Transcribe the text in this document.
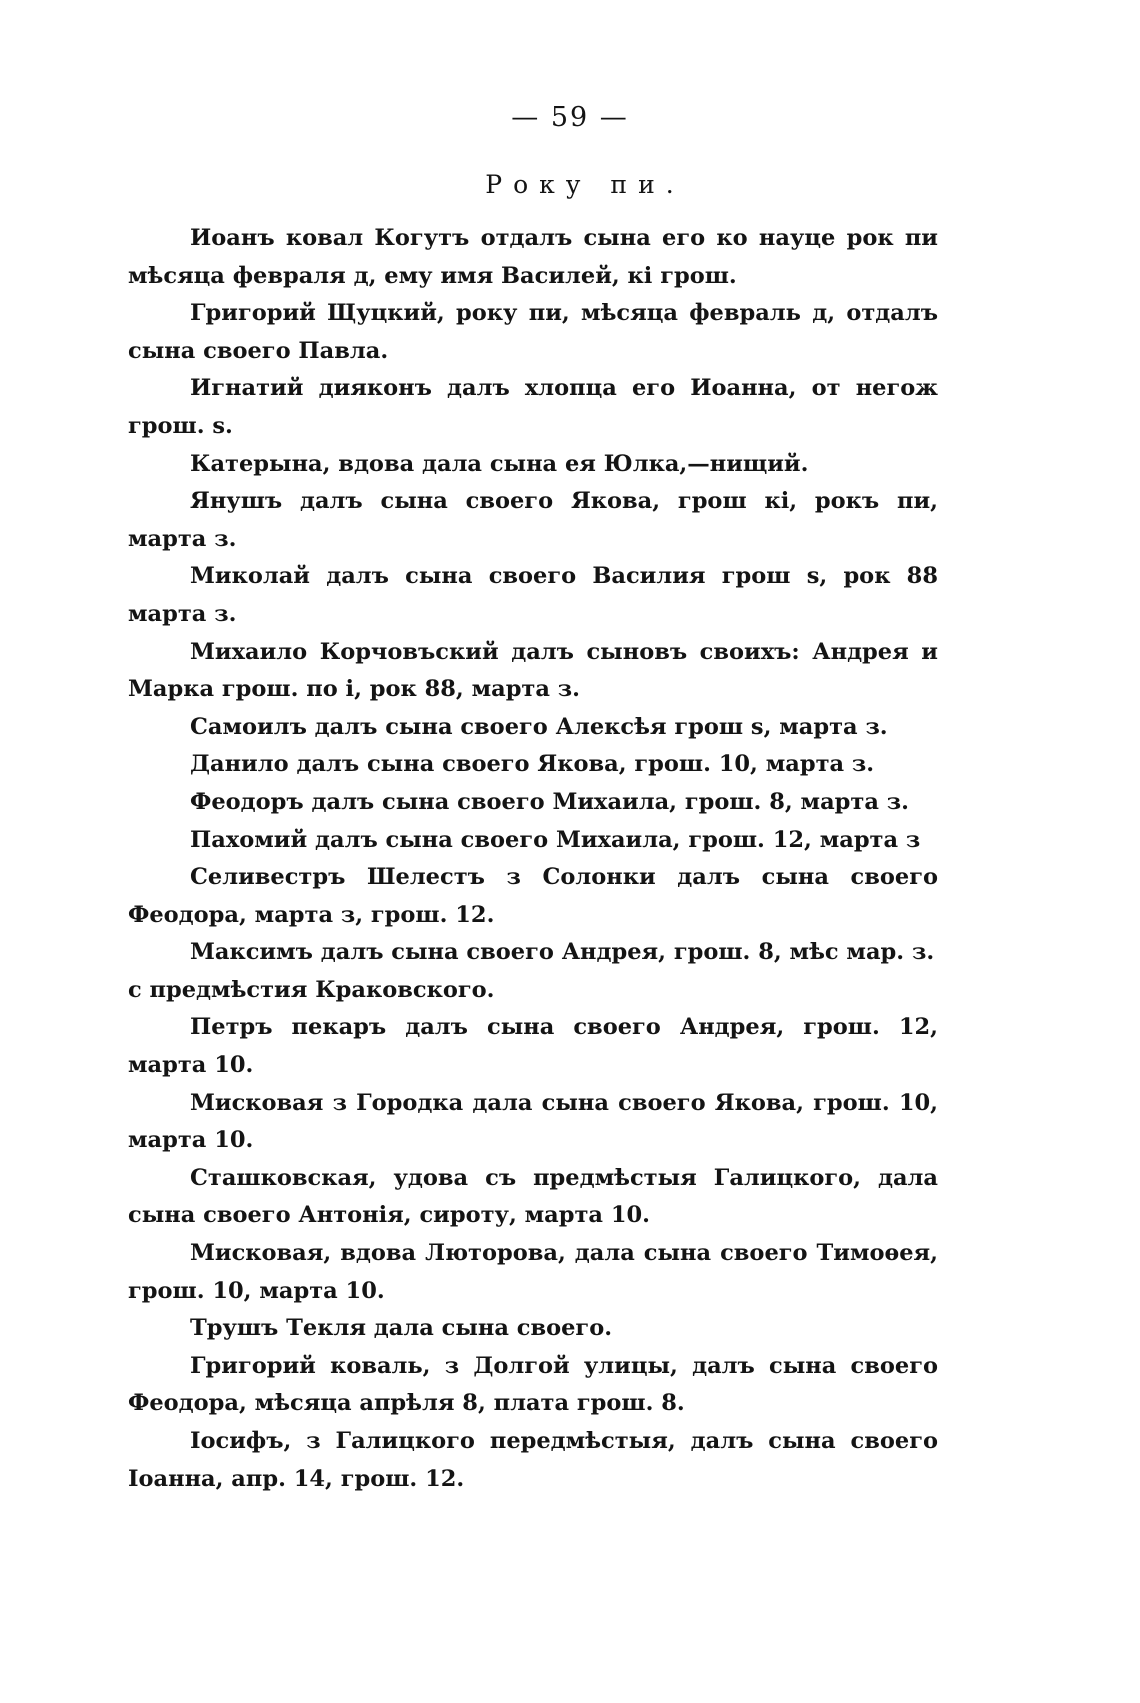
— 59 —
Року пи.

Иоанъ ковал Когутъ отдалъ сына его ко науце рок пи мѣсяца февраля д, ему имя Василей, кі грош.

Григорий Щуцкий, року пи, мѣсяца февраль д, отдалъ сына своего Павла.

Игнатий дияконъ далъ хлопца его Иоанна, от негож грош. ѕ.

Катерына, вдова дала сына ея Юлка,—нищий.

Янушъ далъ сына своего Якова, грош кі, рокъ пи, марта з.

Миколай далъ сына своего Василия грош ѕ, рок 88 марта з.

Михаило Корчовъский далъ сыновъ своихъ: Андрея и Марка грош. по і, рок 88, марта з.

Самоилъ далъ сына своего Алексѣя грош ѕ, марта з.

Данило далъ сына своего Якова, грош. 10, марта з.

Феодоръ далъ сына своего Михаила, грош. 8, марта з.

Пахомий далъ сына своего Михаила, грош. 12, марта з

Селивестръ Шелестъ з Солонки далъ сына своего Феодора, марта з, грош. 12.

Максимъ далъ сына своего Андрея, грош. 8, мѣс мар. з.

с предмѣстия Краковского.

Петръ пекаръ далъ сына своего Андрея, грош. 12, марта 10.

Мисковая з Городка дала сына своего Якова, грош. 10, марта 10.

Сташковская, удова съ предмѣстыя Галицкого, дала сына своего Антонія, сироту, марта 10.

Мисковая, вдова Люторова, дала сына своего Тимоѳея, грош. 10, марта 10.

Трушъ Текля дала сына своего.

Григорий коваль, з Долгой улицы, далъ сына своего Феодора, мѣсяца апрѣля 8, плата грош. 8.

Іосифъ, з Галицкого передмѣстыя, далъ сына своего Іоанна, апр. 14, грош. 12.
